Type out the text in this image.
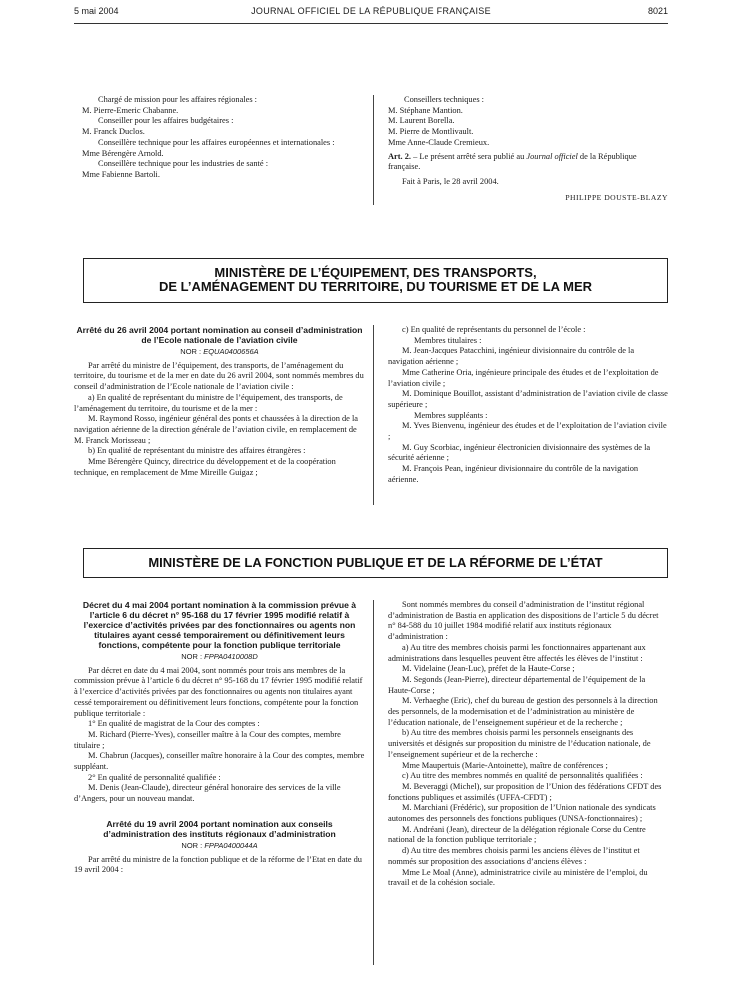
5 mai 2004	JOURNAL OFFICIEL DE LA RÉPUBLIQUE FRANÇAISE	8021

Chargé de mission pour les affaires régionales :

M. Pierre-Emeric Chabanne.

Conseiller pour les affaires budgétaires :

M. Franck Duclos.

Conseillère technique pour les affaires européennes et internationales :

Mme Bérengère Arnold.

Conseillère technique pour les industries de santé :

Mme Fabienne Bartoli.

Conseillers techniques :

M. Stéphane Mantion.

M. Laurent Borella.

M. Pierre de Montlivault.

Mme Anne-Claude Cremieux.

Art. 2. – Le présent arrêté sera publié au Journal officiel de la République française.

Fait à Paris, le 28 avril 2004.

PHILIPPE DOUSTE-BLAZY

MINISTÈRE DE L’ÉQUIPEMENT, DES TRANSPORTS,
DE L’AMÉNAGEMENT DU TERRITOIRE, DU TOURISME ET DE LA MER
Arrêté du 26 avril 2004 portant nomination au conseil d’administration de l’Ecole nationale de l’aviation civile
NOR : EQUA0400656A

Par arrêté du ministre de l’équipement, des transports, de l’aménagement du territoire, du tourisme et de la mer en date du 26 avril 2004, sont nommés membres du conseil d’administration de l’Ecole nationale de l’aviation civile :

a) En qualité de représentant du ministre de l’équipement, des transports, de l’aménagement du territoire, du tourisme et de la mer :

M. Raymond Rosso, ingénieur général des ponts et chaussées à la direction de la navigation aérienne de la direction générale de l’aviation civile, en remplacement de M. Franck Morisseau ;

b) En qualité de représentant du ministre des affaires étrangères :

Mme Bérengère Quincy, directrice du développement et de la coopération technique, en remplacement de Mme Mireille Guigaz ;

c) En qualité de représentants du personnel de l’école :

Membres titulaires :

M. Jean-Jacques Patacchini, ingénieur divisionnaire du contrôle de la navigation aérienne ;

Mme Catherine Oria, ingénieure principale des études et de l’exploitation de l’aviation civile ;

M. Dominique Bouillot, assistant d’administration de l’aviation civile de classe supérieure ;

Membres suppléants :

M. Yves Bienvenu, ingénieur des études et de l’exploitation de l’aviation civile ;

M. Guy Scorbiac, ingénieur électronicien divisionnaire des systèmes de la sécurité aérienne ;

M. François Pean, ingénieur divisionnaire du contrôle de la navigation aérienne.

MINISTÈRE DE LA FONCTION PUBLIQUE ET DE LA RÉFORME DE L’ÉTAT
Décret du 4 mai 2004 portant nomination à la commission prévue à l’article 6 du décret n° 95-168 du 17 février 1995 modifié relatif à l’exercice d’activités privées par des fonctionnaires ou agents non titulaires ayant cessé temporairement ou définitivement leurs fonctions, compétente pour la fonction publique territoriale
NOR : FPPA0410008D

Par décret en date du 4 mai 2004, sont nommés pour trois ans membres de la commission prévue à l’article 6 du décret n° 95-168 du 17 février 1995 modifié relatif à l’exercice d’activités privées par des fonctionnaires ou agents non titulaires ayant cessé temporairement ou définitivement leurs fonctions, compétente pour la fonction publique territoriale :

1° En qualité de magistrat de la Cour des comptes :

M. Richard (Pierre-Yves), conseiller maître à la Cour des comptes, membre titulaire ;

M. Chabrun (Jacques), conseiller maître honoraire à la Cour des comptes, membre suppléant.

2° En qualité de personnalité qualifiée :

M. Denis (Jean-Claude), directeur général honoraire des services de la ville d’Angers, pour un nouveau mandat.

Arrêté du 19 avril 2004 portant nomination aux conseils d’administration des instituts régionaux d’administration
NOR : FPPA0400044A

Par arrêté du ministre de la fonction publique et de la réforme de l’Etat en date du 19 avril 2004 :

Sont nommés membres du conseil d’administration de l’institut régional d’administration de Bastia en application des dispositions de l’article 5 du décret n° 84-588 du 10 juillet 1984 modifié relatif aux instituts régionaux d’administration :

a) Au titre des membres choisis parmi les fonctionnaires appartenant aux administrations dans lesquelles peuvent être affectés les élèves de l’institut :

M. Videlaine (Jean-Luc), préfet de la Haute-Corse ;

M. Segonds (Jean-Pierre), directeur départemental de l’équipement de la Haute-Corse ;

M. Verhaeghe (Eric), chef du bureau de gestion des personnels à la direction des personnels, de la modernisation et de l’administration au ministère de l’éducation nationale, de l’enseignement supérieur et de la recherche ;

b) Au titre des membres choisis parmi les personnels enseignants des universités et désignés sur proposition du ministre de l’éducation nationale, de l’enseignement supérieur et de la recherche :

Mme Maupertuis (Marie-Antoinette), maître de conférences ;

c) Au titre des membres nommés en qualité de personnalités qualifiées :

M. Beveraggi (Michel), sur proposition de l’Union des fédérations CFDT des fonctions publiques et assimilés (UFFA-CFDT) ;

M. Marchiani (Frédéric), sur proposition de l’Union nationale des syndicats autonomes des personnels des fonctions publiques (UNSA-fonctionnaires) ;

M. Andréani (Jean), directeur de la délégation régionale Corse du Centre national de la fonction publique territoriale ;

d) Au titre des membres choisis parmi les anciens élèves de l’institut et nommés sur proposition des associations d’anciens élèves :

Mme Le Moal (Anne), administratrice civile au ministère de l’emploi, du travail et de la cohésion sociale.
